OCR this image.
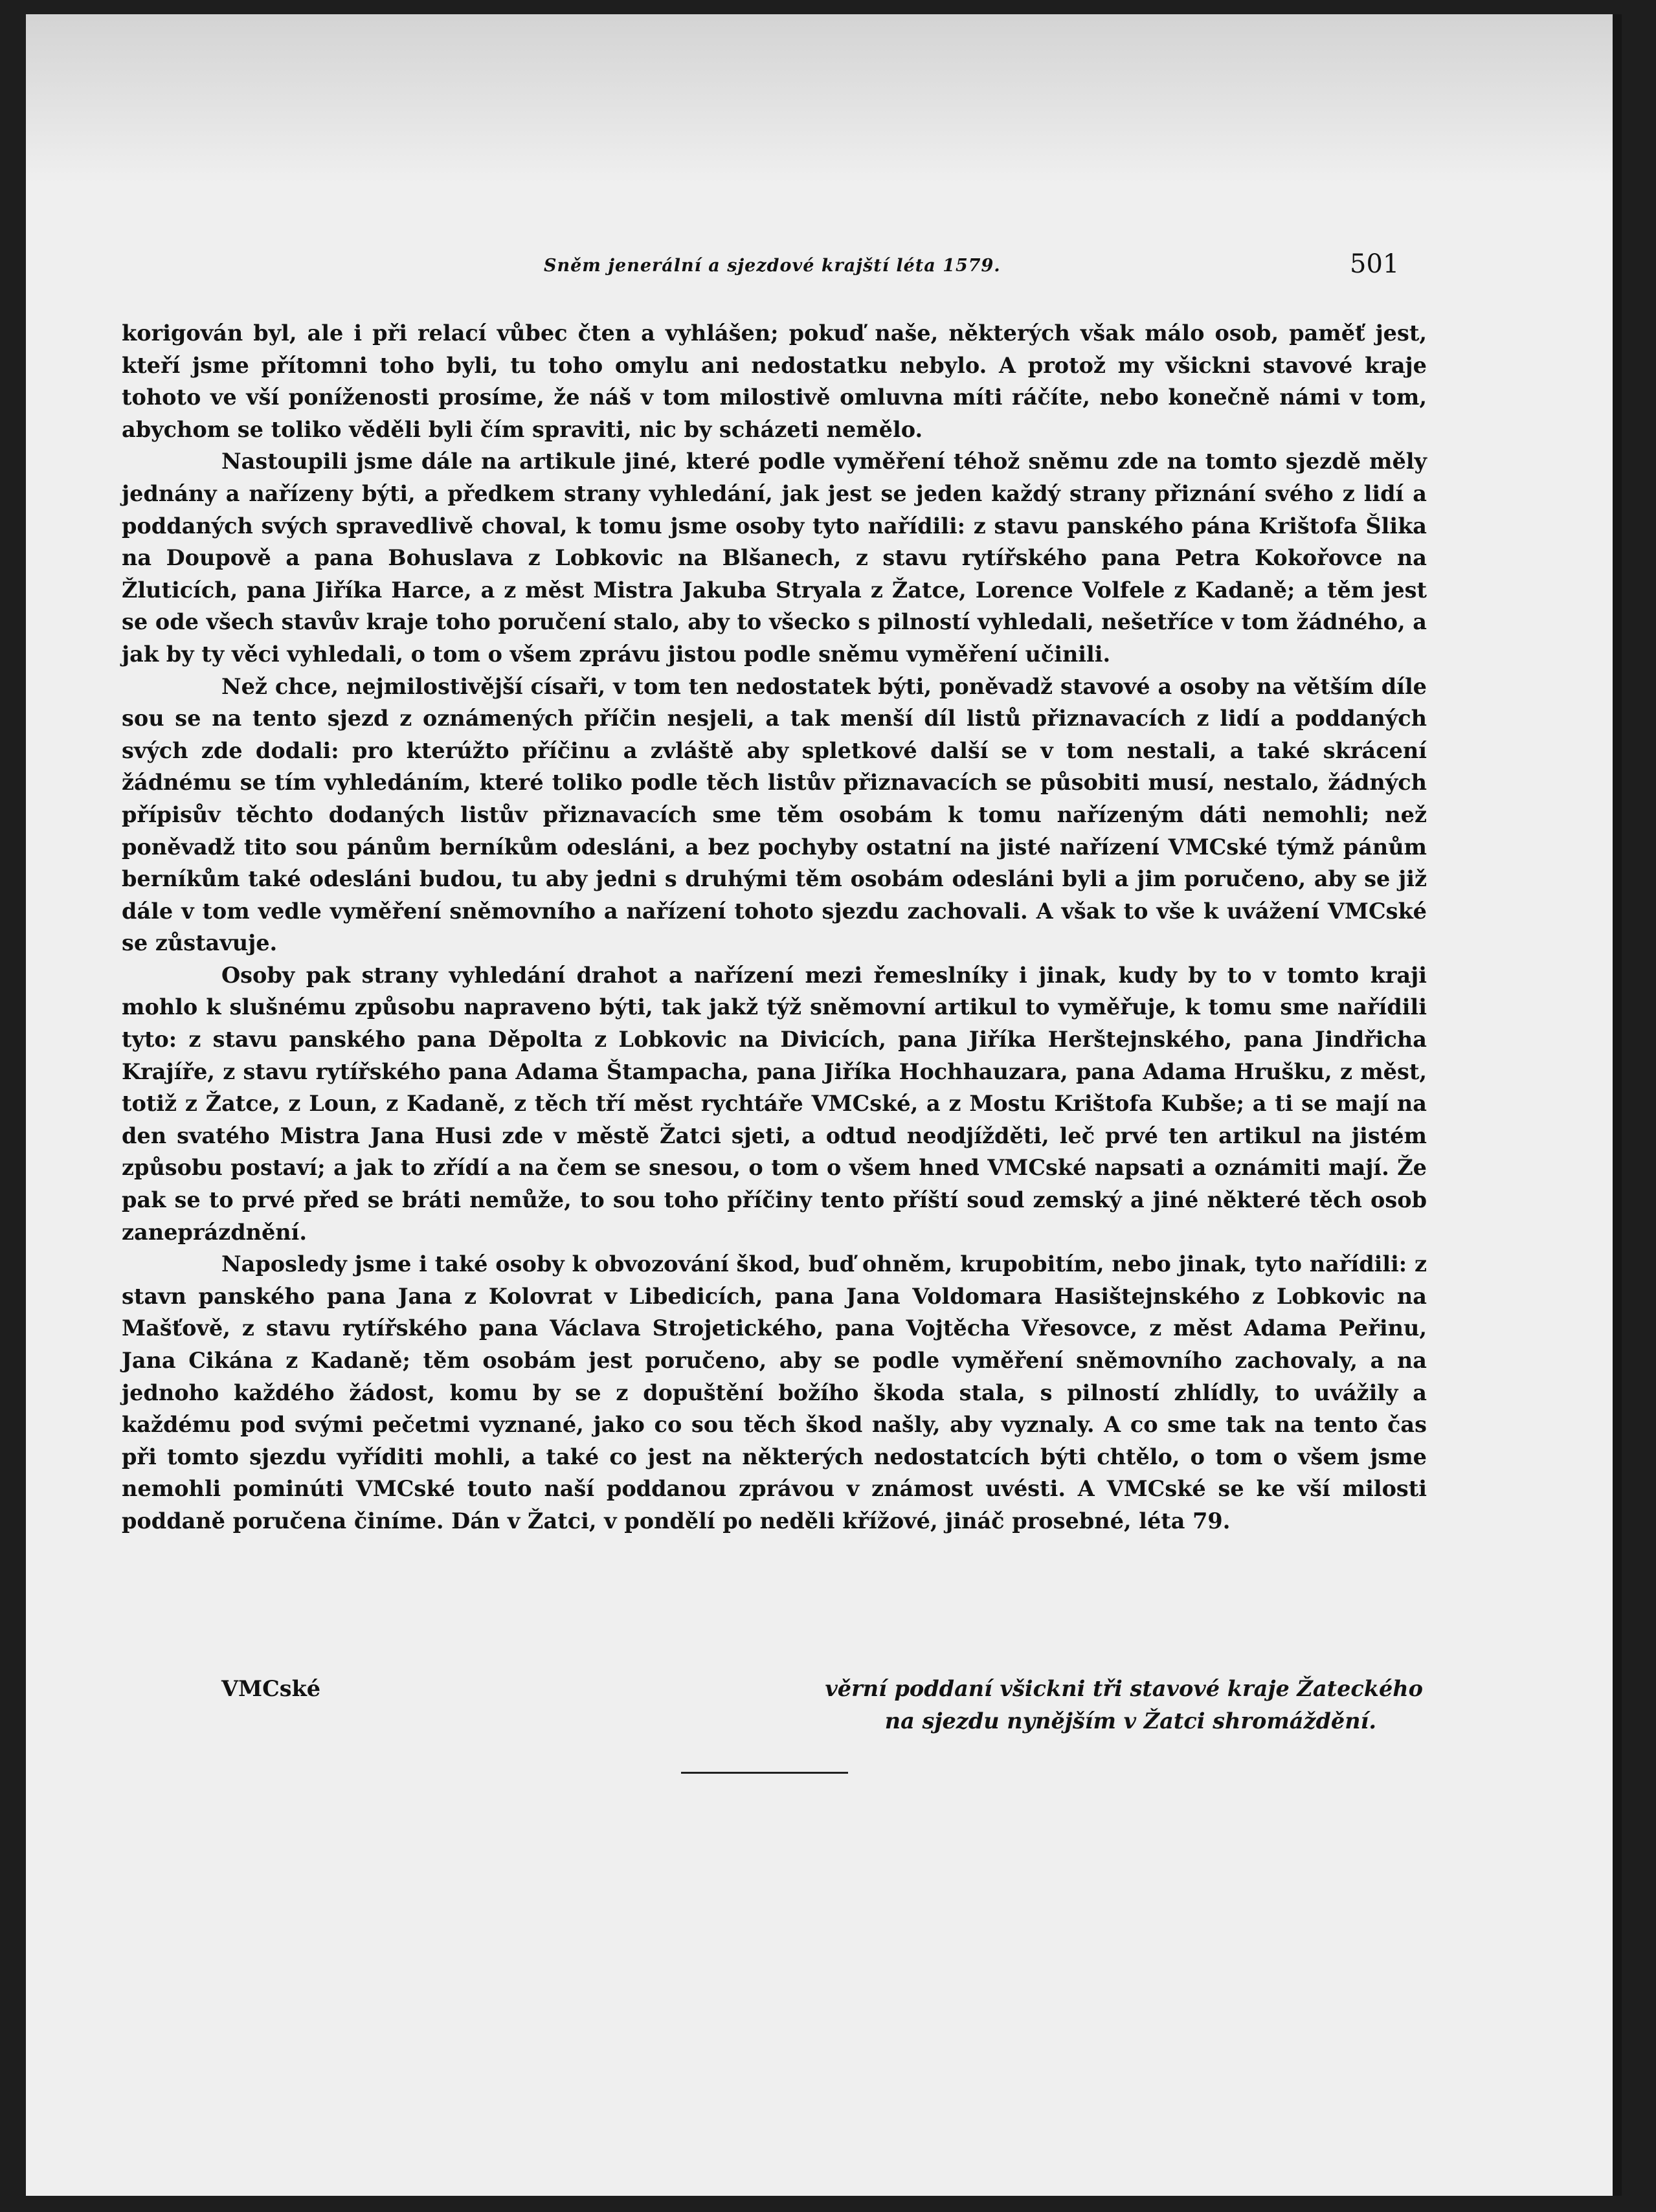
Sněm jenerální a sjezdové krajští léta 1579.	501

korigován byl, ale i při relací vůbec čten a vyhlášen; pokuď naše, některých však málo osob, paměť jest, kteří jsme přítomni toho byli, tu toho omylu ani nedostatku nebylo. A protož my všickni stavové kraje tohoto ve vší poníženosti prosíme, že náš v tom milostivě omluvna míti ráčíte, nebo konečně námi v tom, abychom se toliko věděli byli čím spraviti, nic by scházeti nemělo.

Nastoupili jsme dále na artikule jiné, které podle vyměření téhož sněmu zde na tomto sjezdě měly jednány a nařízeny býti, a předkem strany vyhledání, jak jest se jeden každý strany přiznání svého z lidí a poddaných svých spravedlivě choval, k tomu jsme osoby tyto nařídili: z stavu panského pána Krištofa Šlika na Doupově a pana Bohuslava z Lobkovic na Blšanech, z stavu rytířského pana Petra Kokořovce na Žluticích, pana Jiříka Harce, a z měst Mistra Jakuba Stryala z Žatce, Lorence Volfele z Kadaně; a těm jest se ode všech stavův kraje toho poručení stalo, aby to všecko s pilností vyhledali, nešetříce v tom žádného, a jak by ty věci vyhledali, o tom o všem zprávu jistou podle sněmu vyměření učinili.

Než chce, nejmilostivější císaři, v tom ten nedostatek býti, poněvadž stavové a osoby na větším díle sou se na tento sjezd z oznámených příčin nesjeli, a tak menší díl listů přiznavacích z lidí a poddaných svých zde dodali: pro kterúžto příčinu a zvláště aby spletkové další se v tom nestali, a také skrácení žádnému se tím vyhledáním, které toliko podle těch listův přiznavacích se působiti musí, nestalo, žádných přípisův těchto dodaných listův přiznavacích sme těm osobám k tomu nařízeným dáti nemohli; než poněvadž tito sou pánům berníkům odesláni, a bez pochyby ostatní na jisté nařízení VMCské týmž pánům berníkům také odesláni budou, tu aby jedni s druhými těm osobám odesláni byli a jim poručeno, aby se již dále v tom vedle vyměření sněmovního a nařízení tohoto sjezdu zachovali. A však to vše k uvážení VMCské se zůstavuje.

Osoby pak strany vyhledání drahot a nařízení mezi řemeslníky i jinak, kudy by to v tomto kraji mohlo k slušnému způsobu napraveno býti, tak jakž týž sněmovní artikul to vyměřuje, k tomu sme nařídili tyto: z stavu panského pana Děpolta z Lobkovic na Divicích, pana Jiříka Herštejnského, pana Jindřicha Krajíře, z stavu rytířského pana Adama Štampacha, pana Jiříka Hochhauzara, pana Adama Hrušku, z měst, totiž z Žatce, z Loun, z Kadaně, z těch tří měst rychtáře VMCské, a z Mostu Krištofa Kubše; a ti se mají na den svatého Mistra Jana Husi zde v městě Žatci sjeti, a odtud neodjížděti, leč prvé ten artikul na jistém způsobu postaví; a jak to zřídí a na čem se snesou, o tom o všem hned VMCské napsati a oznámiti mají. Že pak se to prvé před se bráti nemůže, to sou toho příčiny tento příští soud zemský a jiné některé těch osob zaneprázdnění.

Naposledy jsme i také osoby k obvozování škod, buď ohněm, krupobitím, nebo jinak, tyto nařídili: z stavn panského pana Jana z Kolovrat v Libedicích, pana Jana Voldomara Hasištejnského z Lobkovic na Mašťově, z stavu rytířského pana Václava Strojetického, pana Vojtěcha Vřesovce, z měst Adama Peřinu, Jana Cikána z Kadaně; těm osobám jest poručeno, aby se podle vyměření sněmovního zachovaly, a na jednoho každého žádost, komu by se z dopuštění božího škoda stala, s pilností zhlídly, to uvážily a každému pod svými pečetmi vyznané, jako co sou těch škod našly, aby vyznaly. A co sme tak na tento čas při tomto sjezdu vyříditi mohli, a také co jest na některých nedostatcích býti chtělo, o tom o všem jsme nemohli pominúti VMCské touto naší poddanou zprávou v známost uvésti. A VMCské se ke vší milosti poddaně poručena činíme. Dán v Žatci, v pondělí po neděli křížové, jináč prosebné, léta 79.

VMCské	věrní poddaní všickni tři stavové kraje Žateckého
na sjezdu nynějším v Žatci shromáždění.
